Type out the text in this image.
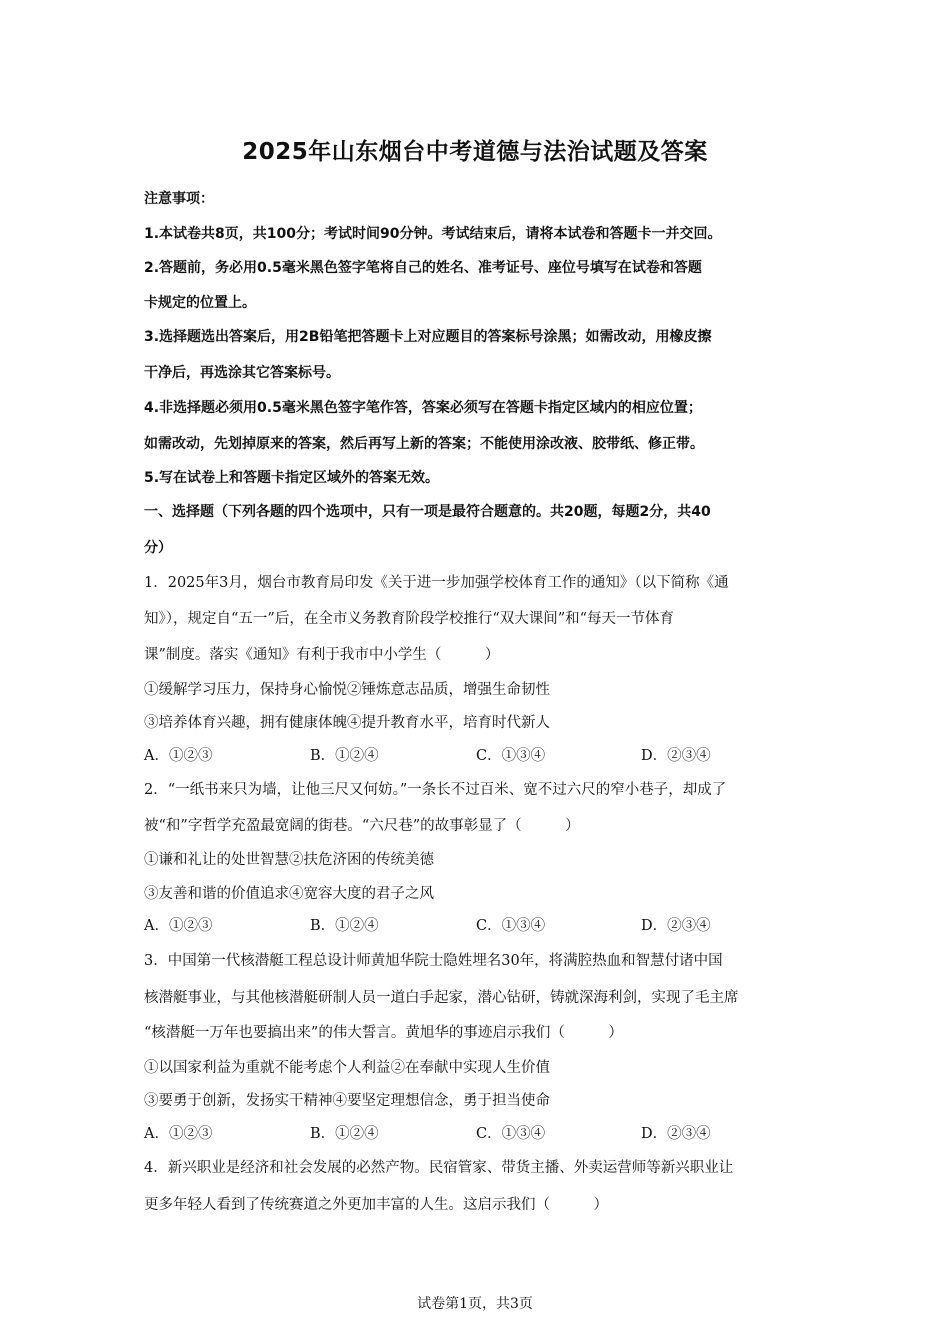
2025年山东烟台中考道德与法治试题及答案
注意事项：
1.本试卷共8页，共100分；考试时间90分钟。考试结束后，请将本试卷和答题卡一并交回。
2.答题前，务必用0.5毫米黑色签字笔将自己的姓名、准考证号、座位号填写在试卷和答题
卡规定的位置上。
3.选择题选出答案后，用2B铅笔把答题卡上对应题目的答案标号涂黑；如需改动，用橡皮擦
干净后，再选涂其它答案标号。
4.非选择题必须用0.5毫米黑色签字笔作答，答案必须写在答题卡指定区域内的相应位置；
如需改动，先划掉原来的答案，然后再写上新的答案；不能使用涂改液、胶带纸、修正带。
5.写在试卷上和答题卡指定区域外的答案无效。
一、选择题（下列各题的四个选项中，只有一项是最符合题意的。共20题，每题2分，共40
分）
1．2025年3月，烟台市教育局印发《关于进一步加强学校体育工作的通知》（以下简称《通
知》），规定自“五一”后，在全市义务教育阶段学校推行“双大课间”和“每天一节体育
课”制度。落实《通知》有利于我市中小学生（　　　）
①缓解学习压力，保持身心愉悦②锤炼意志品质，增强生命韧性
③培养体育兴趣，拥有健康体魄④提升教育水平，培育时代新人
A．①②③	B．①②④	C．①③④	D．②③④
2．“一纸书来只为墙，让他三尺又何妨。”一条长不过百米、宽不过六尺的窄小巷子，却成了
被“和”字哲学充盈最宽阔的街巷。“六尺巷”的故事彰显了（　　　）
①谦和礼让的处世智慧②扶危济困的传统美德
③友善和谐的价值追求④宽容大度的君子之风
A．①②③	B．①②④	C．①③④	D．②③④
3．中国第一代核潜艇工程总设计师黄旭华院士隐姓埋名30年，将满腔热血和智慧付诸中国
核潜艇事业，与其他核潜艇研制人员一道白手起家，潜心钻研，铸就深海利剑，实现了毛主席
“核潜艇一万年也要搞出来”的伟大誓言。黄旭华的事迹启示我们（　　　）
①以国家利益为重就不能考虑个人利益②在奉献中实现人生价值
③要勇于创新，发扬实干精神④要坚定理想信念，勇于担当使命
A．①②③	B．①②④	C．①③④	D．②③④
4．新兴职业是经济和社会发展的必然产物。民宿管家、带货主播、外卖运营师等新兴职业让
更多年轻人看到了传统赛道之外更加丰富的人生。这启示我们（　　　）
试卷第1页，共3页
